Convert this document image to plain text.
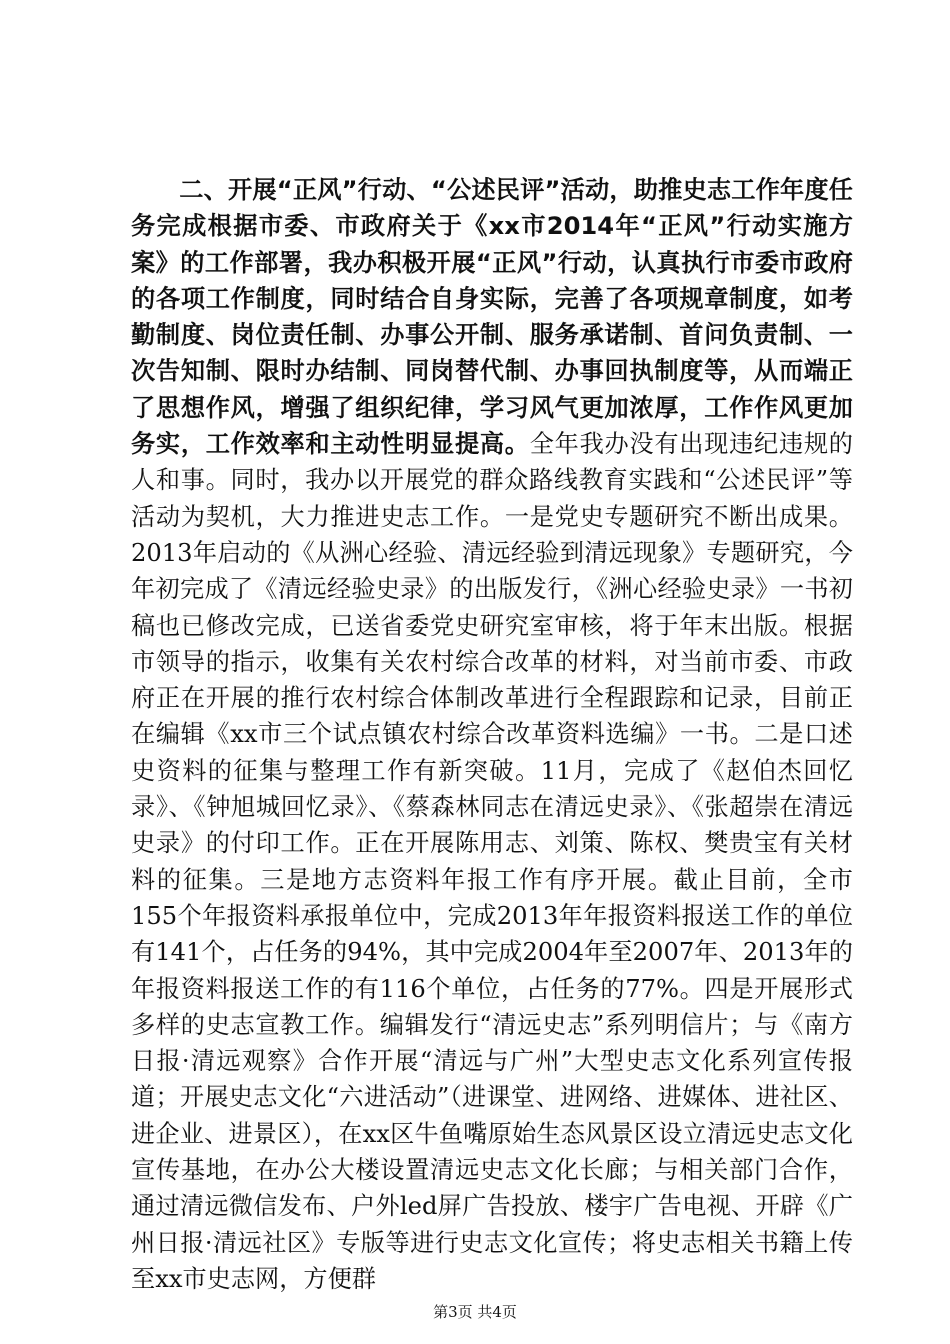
二、开展“正风”行动、“公述民评”活动，助推史志工作年度任务完成根据市委、市政府关于《xx市2014年“正风”行动实施方案》的工作部署，我办积极开展“正风”行动，认真执行市委市政府的各项工作制度，同时结合自身实际，完善了各项规章制度，如考勤制度、岗位责任制、办事公开制、服务承诺制、首问负责制、一次告知制、限时办结制、同岗替代制、办事回执制度等，从而端正了思想作风，增强了组织纪律，学习风气更加浓厚，工作作风更加务实，工作效率和主动性明显提高。全年我办没有出现违纪违规的人和事。同时，我办以开展党的群众路线教育实践和“公述民评”等活动为契机，大力推进史志工作。一是党史专题研究不断出成果。2013年启动的《从洲心经验、清远经验到清远现象》专题研究，今年初完成了《清远经验史录》的出版发行，《洲心经验史录》一书初稿也已修改完成，已送省委党史研究室审核，将于年末出版。根据市领导的指示，收集有关农村综合改革的材料，对当前市委、市政府正在开展的推行农村综合体制改革进行全程跟踪和记录，目前正在编辑《xx市三个试点镇农村综合改革资料选编》一书。二是口述史资料的征集与整理工作有新突破。11月，完成了《赵伯杰回忆录》、《钟旭城回忆录》、《蔡森林同志在清远史录》、《张超崇在清远史录》的付印工作。正在开展陈用志、刘策、陈权、樊贵宝有关材料的征集。三是地方志资料年报工作有序开展。截止目前，全市155个年报资料承报单位中，完成2013年年报资料报送工作的单位有141个，占任务的94%，其中完成2004年至2007年、2013年的年报资料报送工作的有116个单位，占任务的77%。四是开展形式多样的史志宣教工作。编辑发行“清远史志”系列明信片；与《南方日报·清远观察》合作开展“清远与广州”大型史志文化系列宣传报道；开展史志文化“六进活动”（进课堂、进网络、进媒体、进社区、进企业、进景区），在xx区牛鱼嘴原始生态风景区设立清远史志文化宣传基地，在办公大楼设置清远史志文化长廊；与相关部门合作，通过清远微信发布、户外led屏广告投放、楼宇广告电视、开辟《广州日报·清远社区》专版等进行史志文化宣传；将史志相关书籍上传至xx市史志网，方便群

第3页 共4页
